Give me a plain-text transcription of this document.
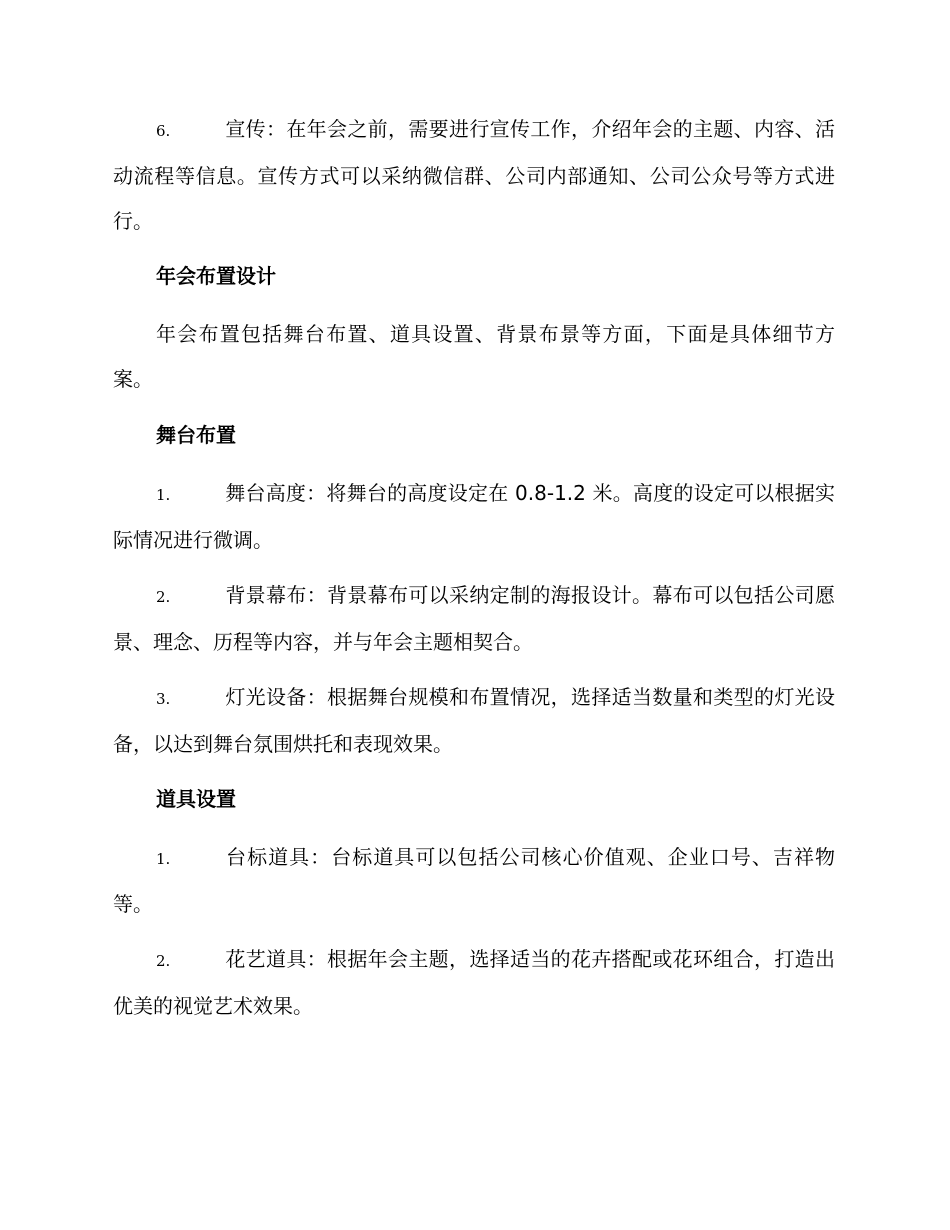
6.	宣传：在年会之前，需要进行宣传工作，介绍年会的主题、内容、活动流程等信息。宣传方式可以采纳微信群、公司内部通知、公司公众号等方式进行。

年会布置设计

年会布置包括舞台布置、道具设置、背景布景等方面，下面是具体细节方案。

舞台布置

1.	舞台高度：将舞台的高度设定在 0.8-1.2 米。高度的设定可以根据实际情况进行微调。

2.	背景幕布：背景幕布可以采纳定制的海报设计。幕布可以包括公司愿景、理念、历程等内容，并与年会主题相契合。

3.	灯光设备：根据舞台规模和布置情况，选择适当数量和类型的灯光设备，以达到舞台氛围烘托和表现效果。

道具设置

1.	台标道具：台标道具可以包括公司核心价值观、企业口号、吉祥物等。

2.	花艺道具：根据年会主题，选择适当的花卉搭配或花环组合，打造出优美的视觉艺术效果。
